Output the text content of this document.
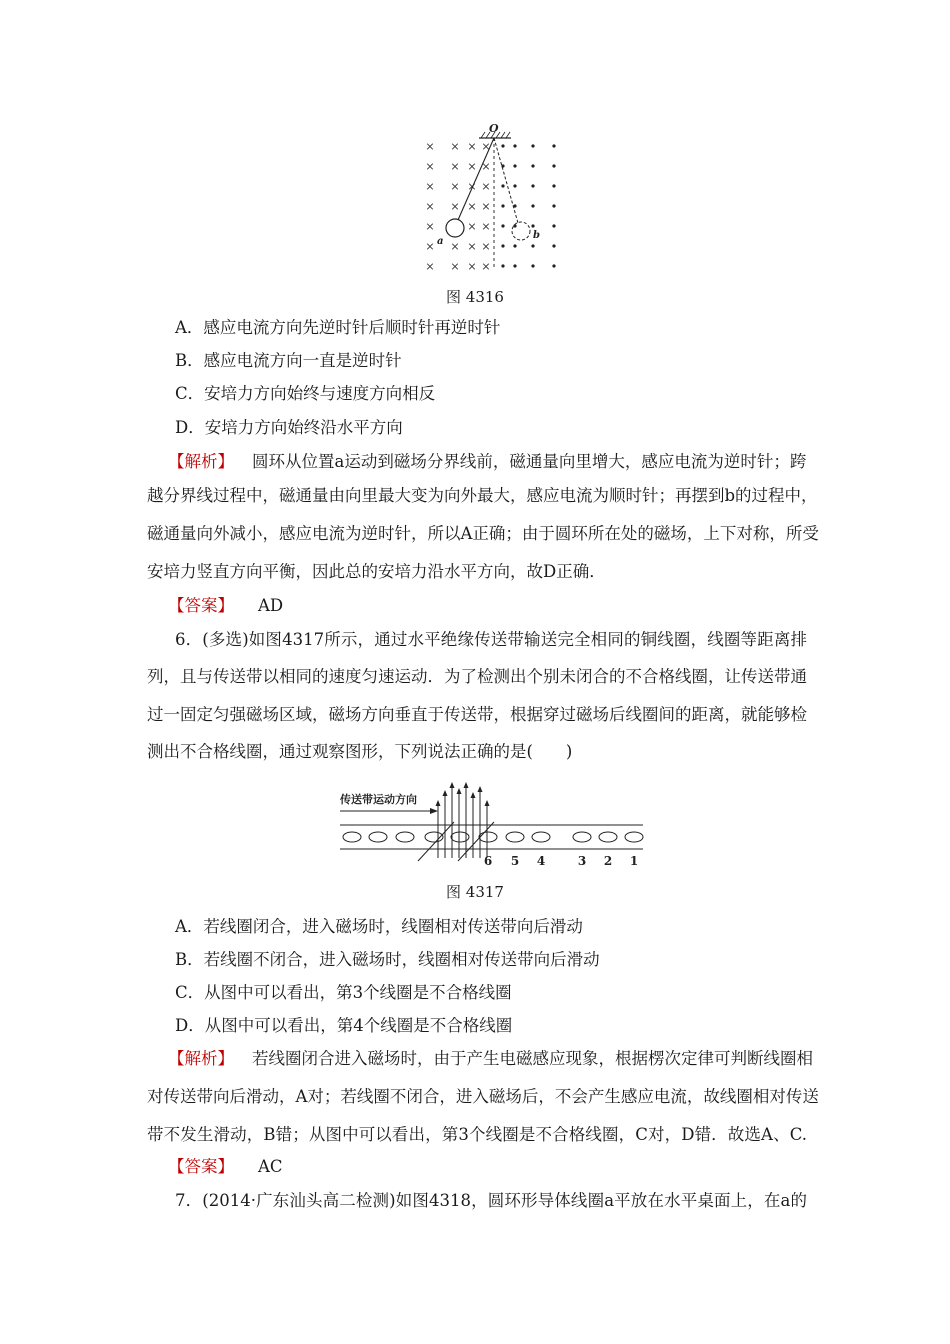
× × × ×
× × × ×
× × × ×
× × × ×
×	× ×
× × × ×
× × × ×
O
a
b
图 4316
A．感应电流方向先逆时针后顺时针再逆时针
B．感应电流方向一直是逆时针
C．安培力方向始终与速度方向相反
D．安培力方向始终沿水平方向
【解析】 圆环从位置a运动到磁场分界线前，磁通量向里增大，感应电流为逆时针；跨
越分界线过程中，磁通量由向里最大变为向外最大，感应电流为顺时针；再摆到b的过程中，
磁通量向外减小，感应电流为逆时针，所以A正确；由于圆环所在处的磁场，上下对称，所受
安培力竖直方向平衡，因此总的安培力沿水平方向，故D正确．
【答案】 AD
6．(多选)如图4317所示，通过水平绝缘传送带输送完全相同的铜线圈，线圈等距离排
列，且与传送带以相同的速度匀速运动．为了检测出个别未闭合的不合格线圈，让传送带通
过一固定匀强磁场区域，磁场方向垂直于传送带，根据穿过磁场后线圈间的距离，就能够检
测出不合格线圈，通过观察图形，下列说法正确的是(　　)
传送带运动方向
6 5 4	3 2 1
图 4317
A．若线圈闭合，进入磁场时，线圈相对传送带向后滑动
B．若线圈不闭合，进入磁场时，线圈相对传送带向后滑动
C．从图中可以看出，第3个线圈是不合格线圈
D．从图中可以看出，第4个线圈是不合格线圈
【解析】 若线圈闭合进入磁场时，由于产生电磁感应现象，根据楞次定律可判断线圈相
对传送带向后滑动，A对；若线圈不闭合，进入磁场后，不会产生感应电流，故线圈相对传送
带不发生滑动，B错；从图中可以看出，第3个线圈是不合格线圈，C对，D错．故选A、C.
【答案】 AC
7．(2014·广东汕头高二检测)如图4318，圆环形导体线圈a平放在水平桌面上，在a的
